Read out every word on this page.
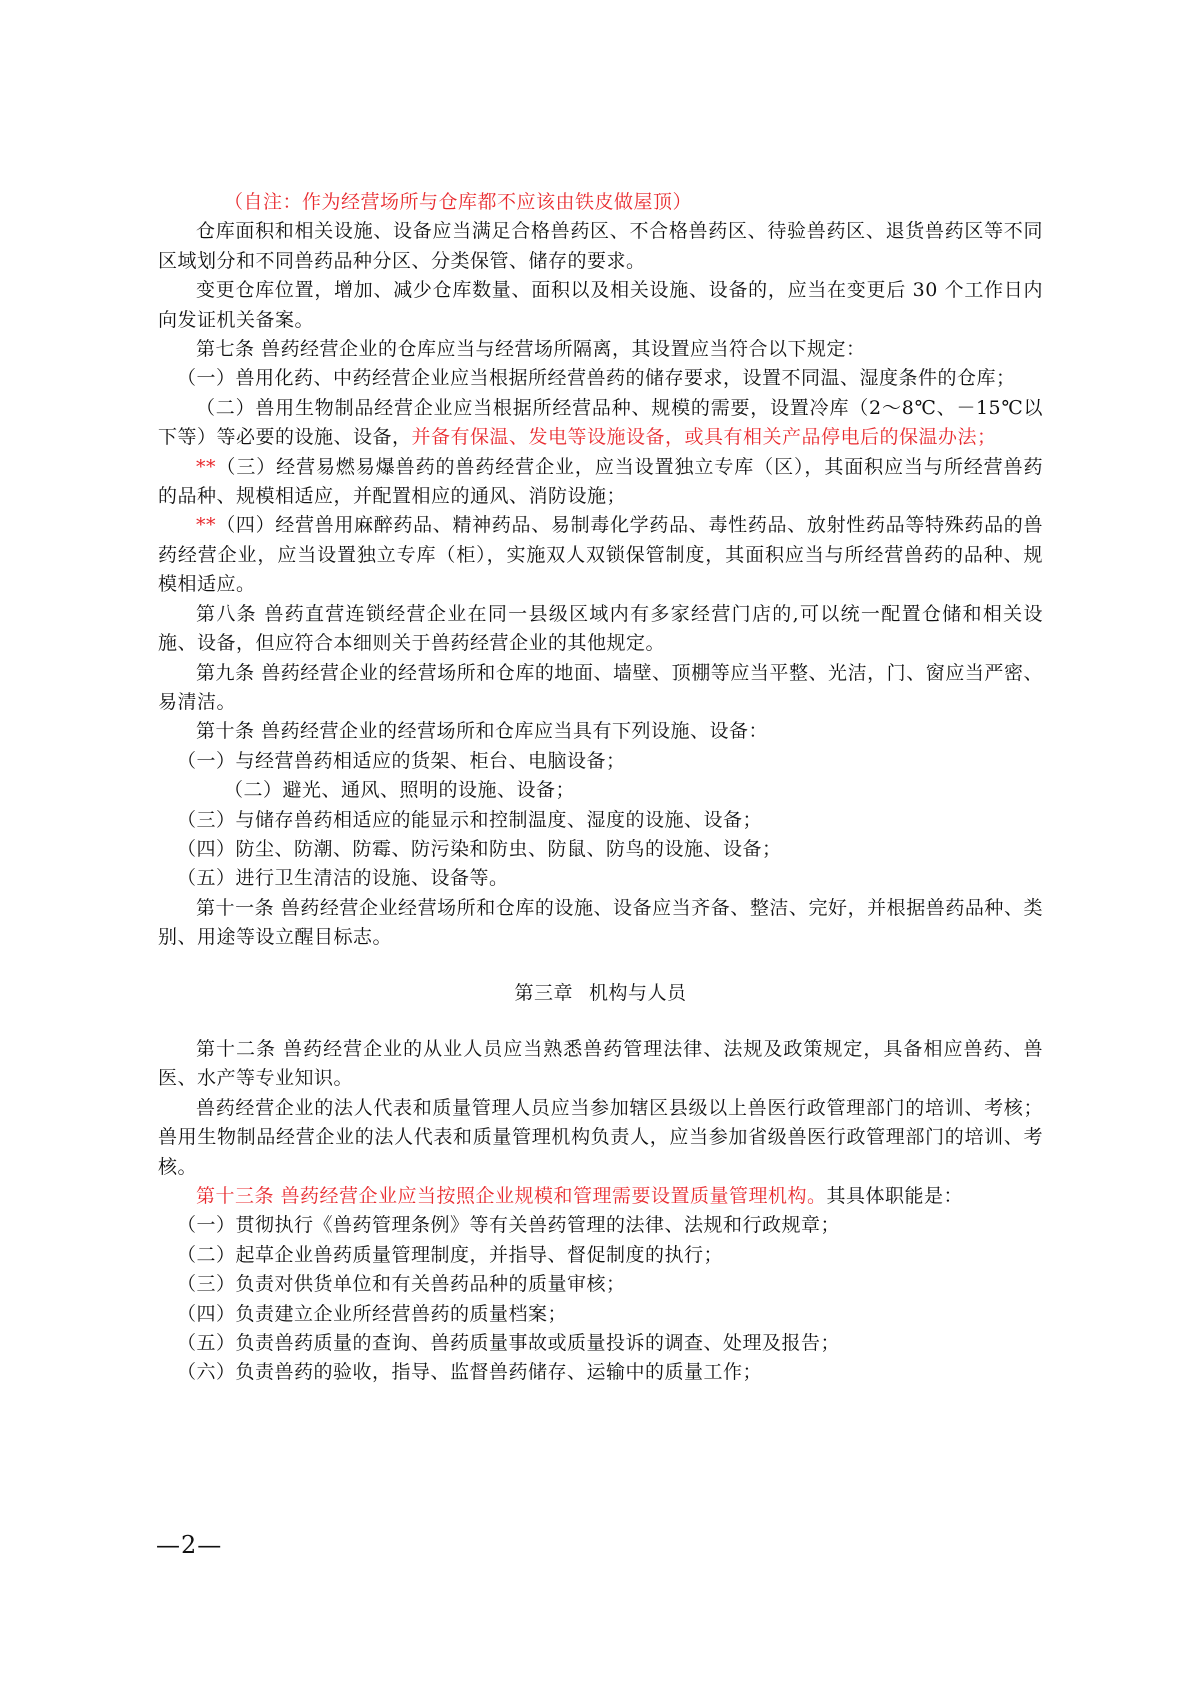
（自注：作为经营场所与仓库都不应该由铁皮做屋顶）

仓库面积和相关设施、设备应当满足合格兽药区、不合格兽药区、待验兽药区、退货兽药区等不同区域划分和不同兽药品种分区、分类保管、储存的要求。

变更仓库位置，增加、减少仓库数量、面积以及相关设施、设备的，应当在变更后 30 个工作日内向发证机关备案。

第七条 兽药经营企业的仓库应当与经营场所隔离，其设置应当符合以下规定：

（一）兽用化药、中药经营企业应当根据所经营兽药的储存要求，设置不同温、湿度条件的仓库；

（二）兽用生物制品经营企业应当根据所经营品种、规模的需要，设置冷库（2～8℃、－15℃以下等）等必要的设施、设备，并备有保温、发电等设施设备，或具有相关产品停电后的保温办法；

**（三）经营易燃易爆兽药的兽药经营企业，应当设置独立专库（区），其面积应当与所经营兽药的品种、规模相适应，并配置相应的通风、消防设施；

**（四）经营兽用麻醉药品、精神药品、易制毒化学药品、毒性药品、放射性药品等特殊药品的兽药经营企业，应当设置独立专库（柜），实施双人双锁保管制度，其面积应当与所经营兽药的品种、规模相适应。

第八条 兽药直营连锁经营企业在同一县级区域内有多家经营门店的,可以统一配置仓储和相关设施、设备，但应符合本细则关于兽药经营企业的其他规定。

第九条 兽药经营企业的经营场所和仓库的地面、墙壁、顶棚等应当平整、光洁，门、窗应当严密、易清洁。

第十条 兽药经营企业的经营场所和仓库应当具有下列设施、设备：

（一）与经营兽药相适应的货架、柜台、电脑设备；

（二）避光、通风、照明的设施、设备；

（三）与储存兽药相适应的能显示和控制温度、湿度的设施、设备；

（四）防尘、防潮、防霉、防污染和防虫、防鼠、防鸟的设施、设备；

（五）进行卫生清洁的设施、设备等。

第十一条 兽药经营企业经营场所和仓库的设施、设备应当齐备、整洁、完好，并根据兽药品种、类别、用途等设立醒目标志。

第三章 机构与人员

第十二条 兽药经营企业的从业人员应当熟悉兽药管理法律、法规及政策规定，具备相应兽药、兽医、水产等专业知识。

兽药经营企业的法人代表和质量管理人员应当参加辖区县级以上兽医行政管理部门的培训、考核；兽用生物制品经营企业的法人代表和质量管理机构负责人，应当参加省级兽医行政管理部门的培训、考核。

第十三条 兽药经营企业应当按照企业规模和管理需要设置质量管理机构。其具体职能是：

（一）贯彻执行《兽药管理条例》等有关兽药管理的法律、法规和行政规章；

（二）起草企业兽药质量管理制度，并指导、督促制度的执行；

（三）负责对供货单位和有关兽药品种的质量审核；

（四）负责建立企业所经营兽药的质量档案；

（五）负责兽药质量的查询、兽药质量事故或质量投诉的调查、处理及报告；

（六）负责兽药的验收，指导、监督兽药储存、运输中的质量工作；

—2—
